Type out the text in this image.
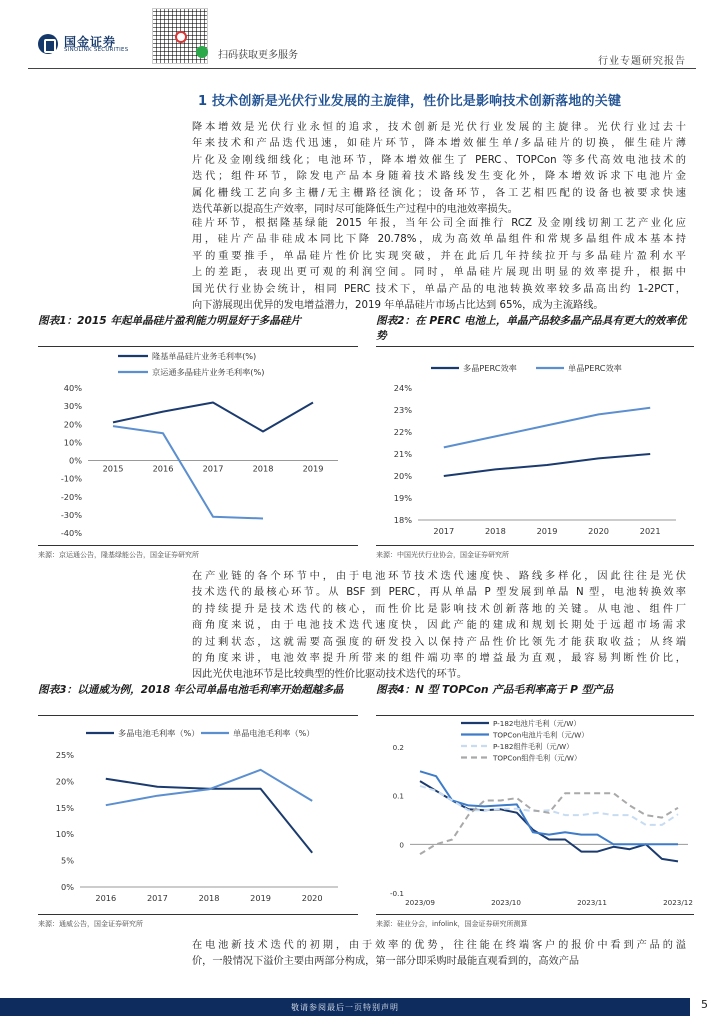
国金证券
SINOLINK SECURITIES	扫码获取更多服务
行业专题研究报告
1 技术创新是光伏行业发展的主旋律，性价比是影响技术创新落地的关键
降本增效是光伏行业永恒的追求，技术创新是光伏行业发展的主旋律。光伏行业过去十
年来技术和产品迭代迅速，如硅片环节，降本增效催生单/多晶硅片的切换，催生硅片薄
片化及金刚线细线化；电池环节，降本增效催生了 PERC、TOPCon 等多代高效电池技术的
迭代；组件环节，除发电产品本身随着技术路线发生变化外，降本增效诉求下电池片金
属化栅线工艺向多主栅/无主栅路径演化；设备环节，各工艺相匹配的设备也被要求快速
迭代革新以提高生产效率，同时尽可能降低生产过程中的电池效率损失。
硅片环节，根据隆基绿能 2015 年报，当年公司全面推行 RCZ 及金刚线切割工艺产业化应
用，硅片产品非硅成本同比下降 20.78%，成为高效单晶组件和常规多晶组件成本基本持
平的重要推手，单晶硅片性价比实现突破，并在此后几年持续拉开与多晶硅片盈利水平
上的差距，表现出更可观的利润空间。同时，单晶硅片展现出明显的效率提升，根据中
国光伏行业协会统计，相同 PERC 技术下，单晶产品的电池转换效率较多晶高出约 1-2PCT，
向下游展现出优异的发电增益潜力，2019 年单晶硅片市场占比达到 65%，成为主流路线。
图表1：2015 年起单晶硅片盈利能力明显好于多晶硅片	图表2：在 PERC 电池上，单晶产品较多晶产品具有更大的效率优势
40%
30%
20%
10%
0%
-10%
-20%
-30%
-40%
2015	2016	2017	2018	2019
隆基单晶硅片业务毛利率(%)
京运通多晶硅片业务毛利率(%)
24%
23%
22%
21%
20%
19%
18%
2017	2018	2019	2020	2021
多晶PERC效率	单晶PERC效率
来源：京运通公告，隆基绿能公告，国金证券研究所	来源：中国光伏行业协会，国金证券研究所
在产业链的各个环节中，由于电池环节技术迭代速度快、路线多样化，因此往往是光伏
技术迭代的最核心环节。从 BSF 到 PERC，再从单晶 P 型发展到单晶 N 型，电池转换效率
的持续提升是技术迭代的核心，而性价比是影响技术创新落地的关键。从电池、组件厂
商角度来说，由于电池技术迭代速度快，因此产能的建成和规划长期处于远超市场需求
的过剩状态，这就需要高强度的研发投入以保持产品性价比领先才能获取收益；从终端
的角度来讲，电池效率提升所带来的组件端功率的增益最为直观，最容易判断性价比，
因此光伏电池环节是比较典型的性价比驱动技术迭代的环节。
图表3：以通威为例，2018 年公司单晶电池毛利率开始超越多晶	图表4：N 型 TOPCon 产品毛利率高于 P 型产品
25%
20%
15%
10%
5%
0%
2016	2017	2018	2019	2020
多晶电池毛利率（%）	单晶电池毛利率（%）
0.2
0.1
0
-0.1
2023/09	2023/10	2023/11	2023/12
P-182电池片毛利（元/W）
TOPCon电池片毛利（元/W）
P-182组件毛利（元/W）
TOPCon组件毛利（元/W）
来源：通威公告，国金证券研究所	来源：硅业分会，infolink，国金证券研究所测算
在电池新技术迭代的初期，由于效率的优势，往往能在终端客户的报价中看到产品的溢
价，一般情况下溢价主要由两部分构成，第一部分即采购时最能直观看到的，高效产品
敬请参阅最后一页特别声明	5
